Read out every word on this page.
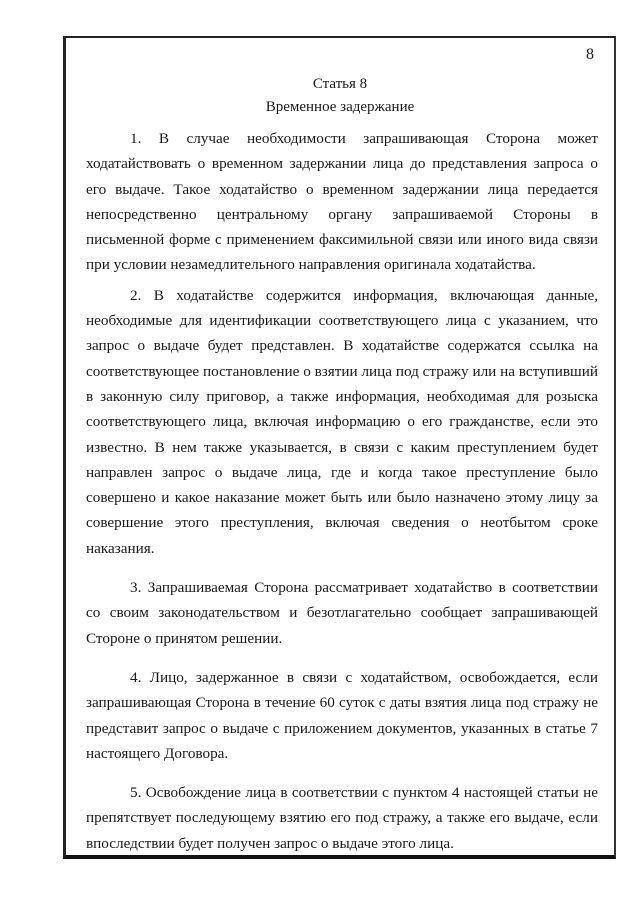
8
Статья 8
Временное задержание

1. В случае необходимости запрашивающая Сторона может ходатайствовать о временном задержании лица до представления запроса о его выдаче. Такое ходатайство о временном задержании лица передается непосредственно центральному органу запрашиваемой Стороны в письменной форме с применением факсимильной связи или иного вида связи при условии незамедлительного направления оригинала ходатайства.

2. В ходатайстве содержится информация, включающая данные, необходимые для идентификации соответствующего лица с указанием, что запрос о выдаче будет представлен. В ходатайстве содержатся ссылка на соответствующее постановление о взятии лица под стражу или на вступивший в законную силу приговор, а также информация, необходимая для розыска соответствующего лица, включая информацию о его гражданстве, если это известно. В нем также указывается, в связи с каким преступлением будет направлен запрос о выдаче лица, где и когда такое преступление было совершено и какое наказание может быть или было назначено этому лицу за совершение этого преступления, включая сведения о неотбытом сроке наказания.

3. Запрашиваемая Сторона рассматривает ходатайство в соответствии со своим законодательством и безотлагательно сообщает запрашивающей Стороне о принятом решении.

4. Лицо, задержанное в связи с ходатайством, освобождается, если запрашивающая Сторона в течение 60 суток с даты взятия лица под стражу не представит запрос о выдаче с приложением документов, указанных в статье 7 настоящего Договора.

5. Освобождение лица в соответствии с пунктом 4 настоящей статьи не препятствует последующему взятию его под стражу, а также его выдаче, если впоследствии будет получен запрос о выдаче этого лица.
